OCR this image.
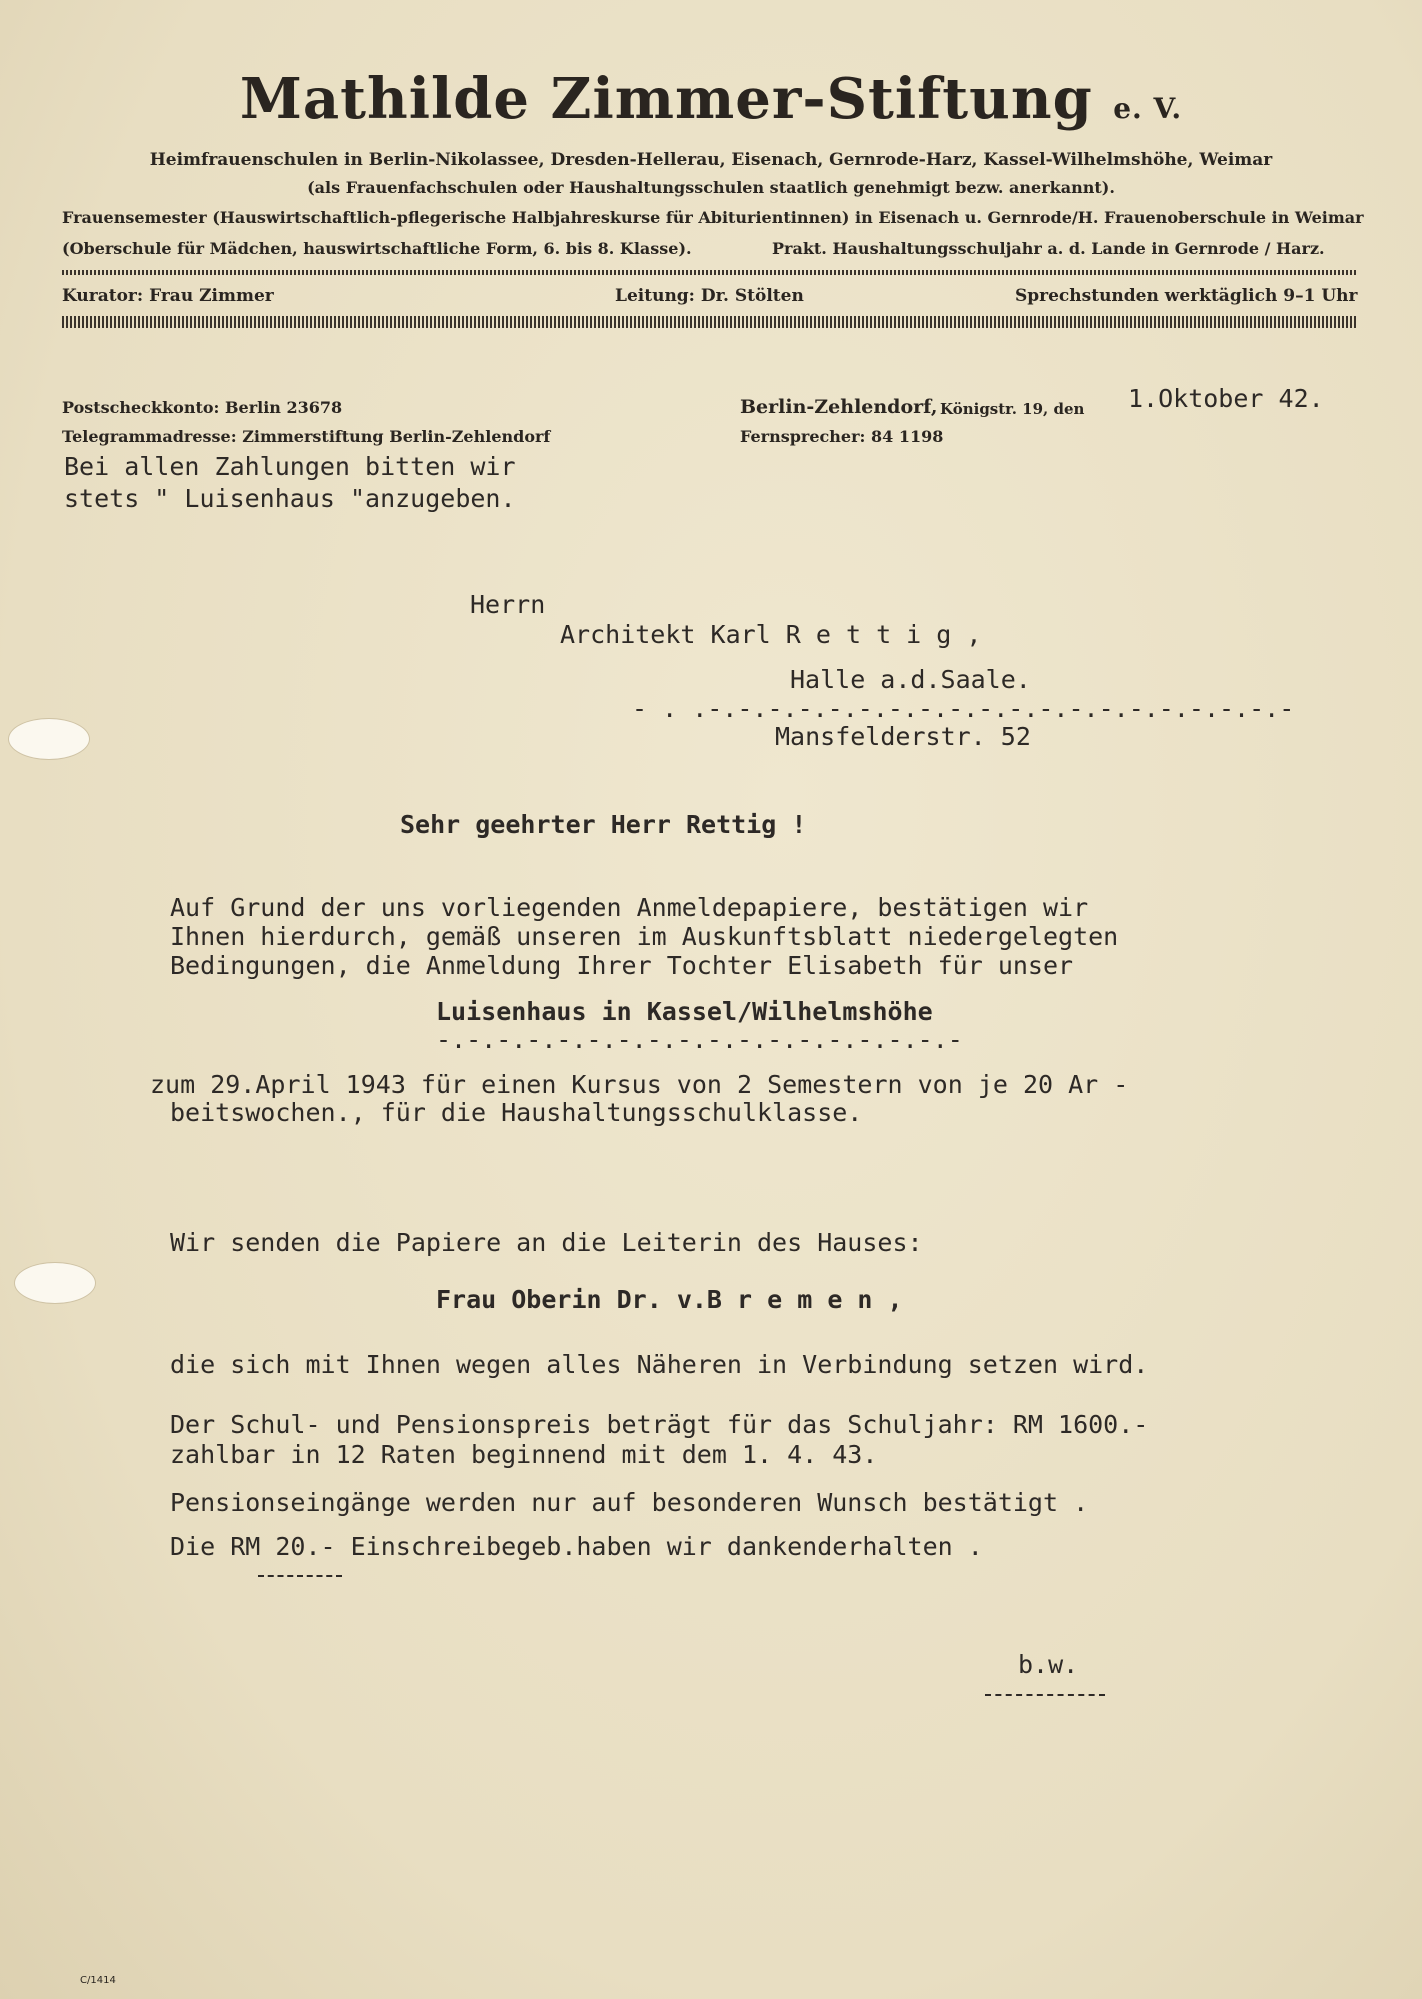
Mathilde Zimmer-Stiftung e. V.
Heimfrauenschulen in Berlin-Nikolassee, Dresden-Hellerau, Eisenach, Gernrode-Harz, Kassel-Wilhelmshöhe, Weimar
(als Frauenfachschulen oder Haushaltungsschulen staatlich genehmigt bezw. anerkannt).
Frauensemester (Hauswirtschaftlich-pflegerische Halbjahreskurse für Abiturientinnen) in Eisenach u. Gernrode/H. Frauenoberschule in Weimar
(Oberschule für Mädchen, hauswirtschaftliche Form, 6. bis 8. Klasse).	Prakt. Haushaltungsschuljahr a. d. Lande in Gernrode / Harz.
Kurator: Frau Zimmer	Leitung: Dr. Stölten	Sprechstunden werktäglich 9–1 Uhr
Postscheckkonto: Berlin 23678
Telegrammadresse: Zimmerstiftung Berlin-Zehlendorf
Berlin-Zehlendorf, Königstr. 19, den
Fernsprecher: 84 1198
1.Oktober 42.
Bei allen Zahlungen bitten wir
stets " Luisenhaus "anzugeben.
Herrn
Architekt Karl R e t t i g ,
Halle a.d.Saale.
- . .-.-.-.-.-.-.-.-.-.-.-.-.-.-.-.-.-.-.-.-
Mansfelderstr. 52
Sehr geehrter Herr Rettig !
Auf Grund der uns vorliegenden Anmeldepapiere, bestätigen wir
Ihnen hierdurch, gemäß unseren im Auskunftsblatt niedergelegten
Bedingungen, die Anmeldung Ihrer Tochter Elisabeth für unser
Luisenhaus in Kassel/Wilhelmshöhe
-.-.-.-.-.-.-.-.-.-.-.-.-.-.-.-.-.-
zum 29.April 1943 für einen Kursus von 2 Semestern von je 20 Ar -
beitswochen., für die Haushaltungsschulklasse.
Wir senden die Papiere an die Leiterin des Hauses:
Frau Oberin Dr. v.B r e m e n ,
die sich mit Ihnen wegen alles Näheren in Verbindung setzen wird.
Der Schul- und Pensionspreis beträgt für das Schuljahr: RM 1600.-
zahlbar in 12 Raten beginnend mit dem 1. 4. 43.
Pensionseingänge werden nur auf besonderen Wunsch bestätigt .
Die RM 20.- Einschreibegeb.haben wir dankenderhalten .
b.w.
C/1414
